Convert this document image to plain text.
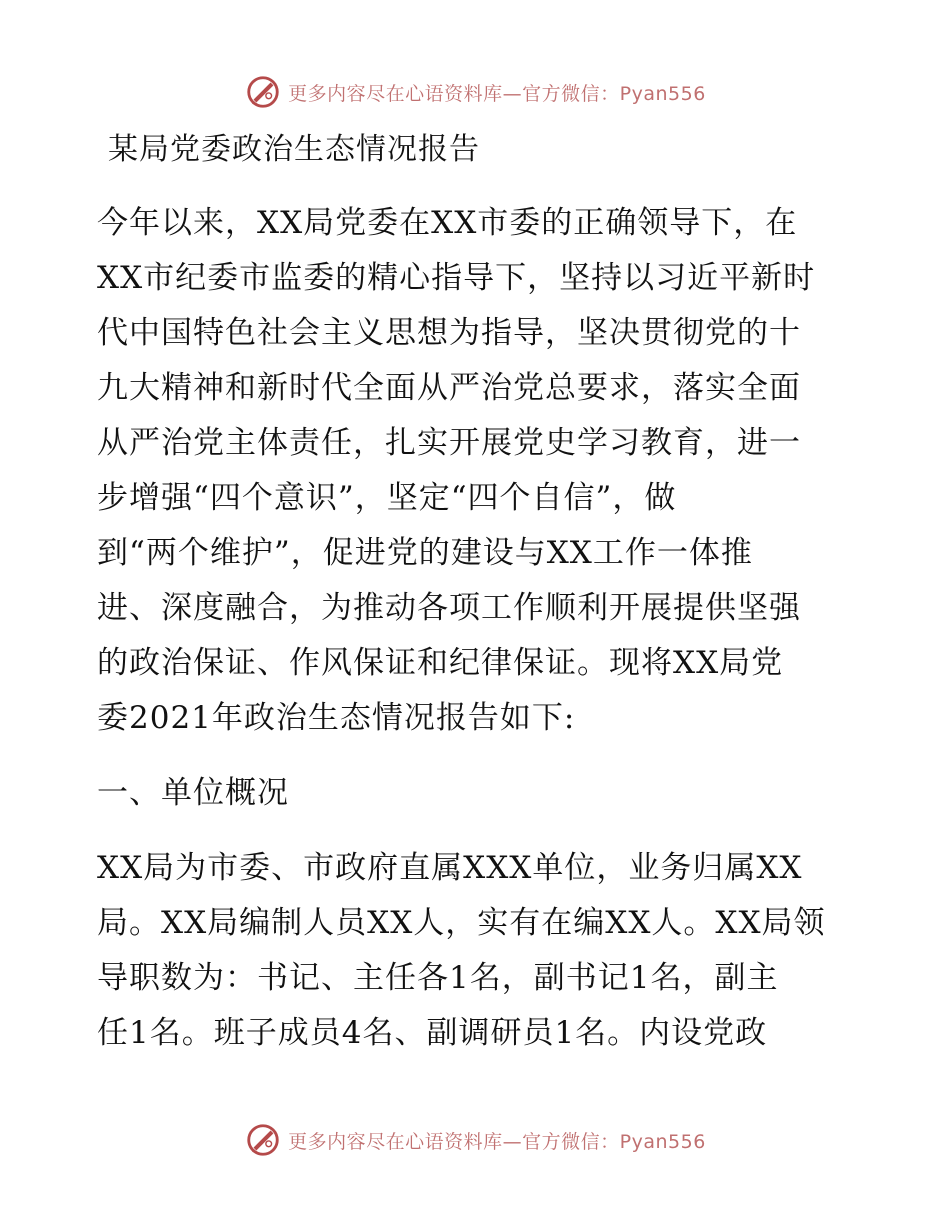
更多内容尽在心语资料库—官方微信：Pyan556
某局党委政治生态情况报告

今年以来，XX局党委在XX市委的正确领导下，在

XX市纪委市监委的精心指导下，坚持以习近平新时

代中国特色社会主义思想为指导，坚决贯彻党的十

九大精神和新时代全面从严治党总要求，落实全面

从严治党主体责任，扎实开展党史学习教育，进一

步增强“四个意识”，坚定“四个自信”，做

到“两个维护”，促进党的建设与XX工作一体推

进、深度融合，为推动各项工作顺利开展提供坚强

的政治保证、作风保证和纪律保证。现将XX局党

委2021年政治生态情况报告如下:

一、单位概况

XX局为市委、市政府直属XXX单位，业务归属XX

局。XX局编制人员XX人，实有在编XX人。XX局领

导职数为：书记、主任各1名，副书记1名，副主

任1名。班子成员4名、副调研员1名。内设党政

更多内容尽在心语资料库—官方微信：Pyan556
